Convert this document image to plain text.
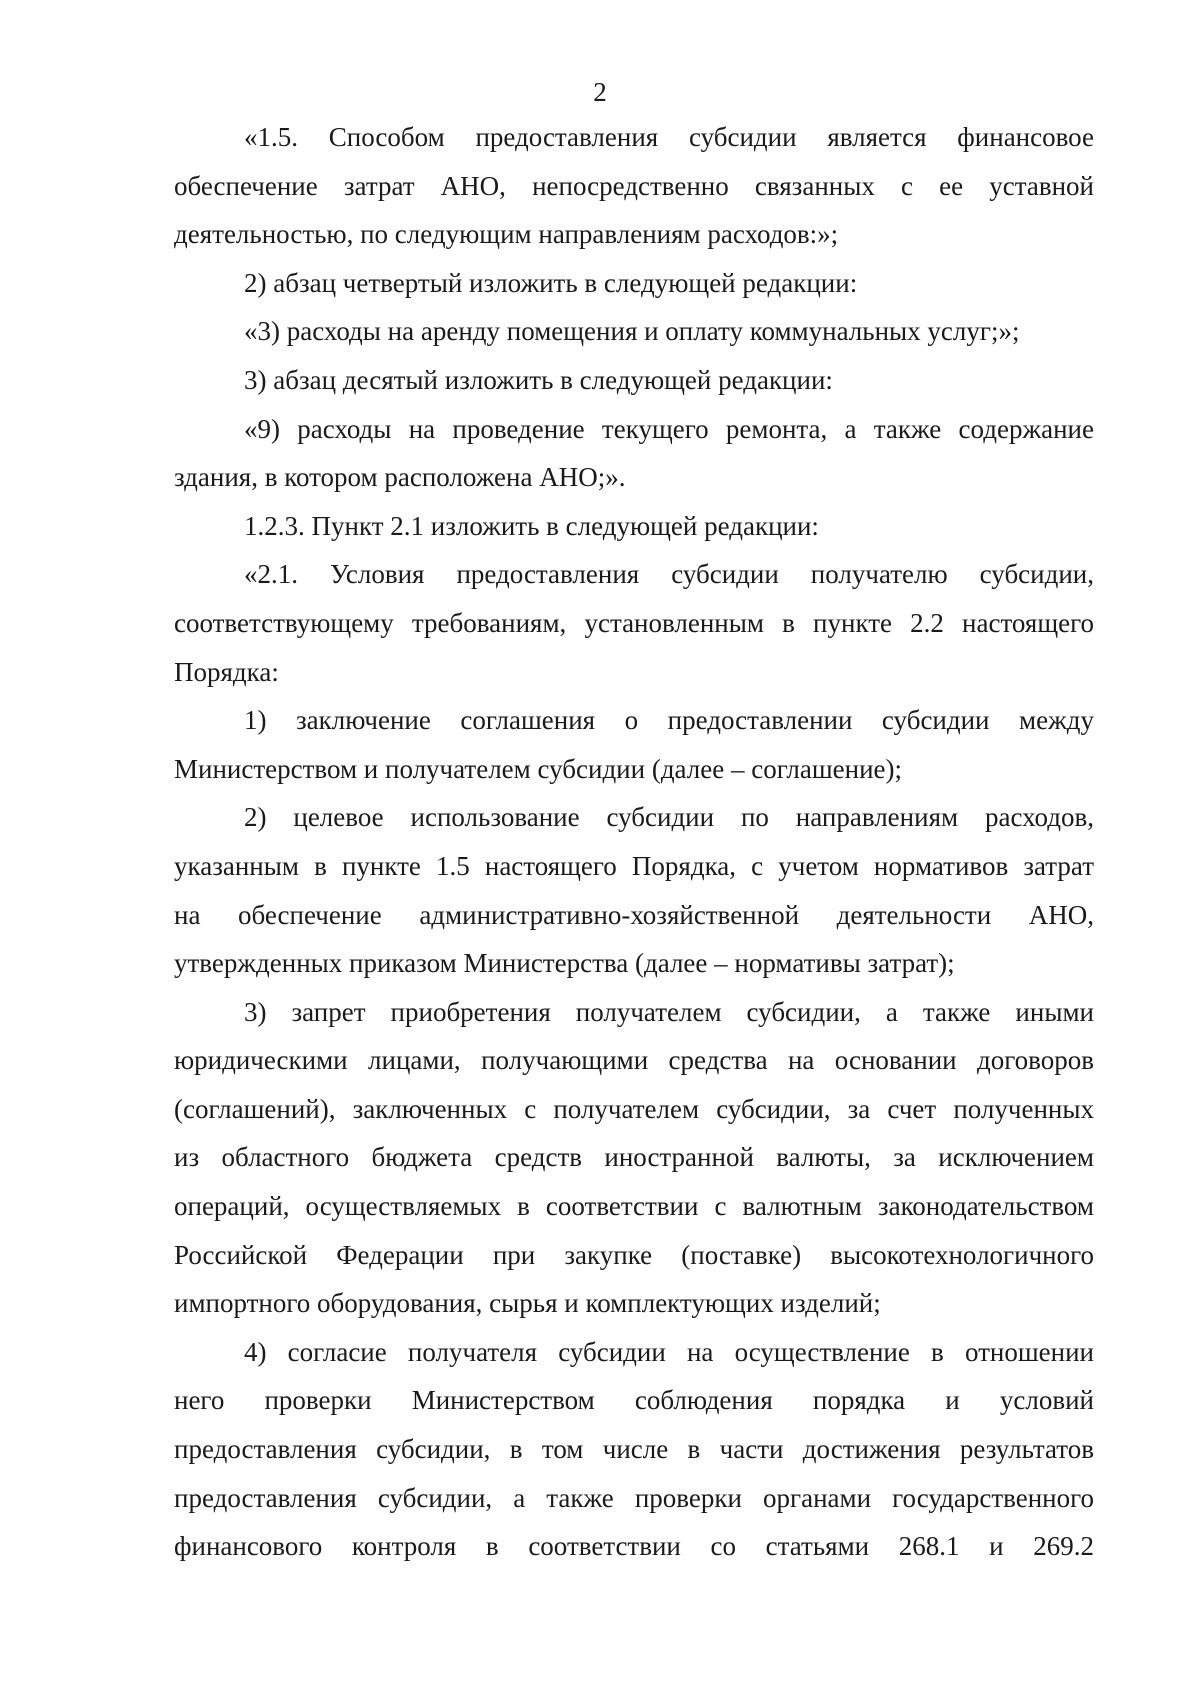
2
«1.5. Способом предоставления субсидии является финансовое
обеспечение затрат АНО, непосредственно связанных с ее уставной
деятельностью, по следующим направлениям расходов:»;
2) абзац четвертый изложить в следующей редакции:
«3) расходы на аренду помещения и оплату коммунальных услуг;»;
3) абзац десятый изложить в следующей редакции:
«9) расходы на проведение текущего ремонта, а также содержание
здания, в котором расположена АНО;».
1.2.3. Пункт 2.1 изложить в следующей редакции:
«2.1. Условия предоставления субсидии получателю субсидии,
соответствующему требованиям, установленным в пункте 2.2 настоящего
Порядка:
1) заключение соглашения о предоставлении субсидии между
Министерством и получателем субсидии (далее – соглашение);
2) целевое использование субсидии по направлениям расходов,
указанным в пункте 1.5 настоящего Порядка, с учетом нормативов затрат
на обеспечение административно-хозяйственной деятельности АНО,
утвержденных приказом Министерства (далее – нормативы затрат);
3) запрет приобретения получателем субсидии, а также иными
юридическими лицами, получающими средства на основании договоров
(соглашений), заключенных с получателем субсидии, за счет полученных
из областного бюджета средств иностранной валюты, за исключением
операций, осуществляемых в соответствии с валютным законодательством
Российской Федерации при закупке (поставке) высокотехнологичного
импортного оборудования, сырья и комплектующих изделий;
4) согласие получателя субсидии на осуществление в отношении
него проверки Министерством соблюдения порядка и условий
предоставления субсидии, в том числе в части достижения результатов
предоставления субсидии, а также проверки органами государственного
финансового контроля в соответствии со статьями 268.1 и 269.2
